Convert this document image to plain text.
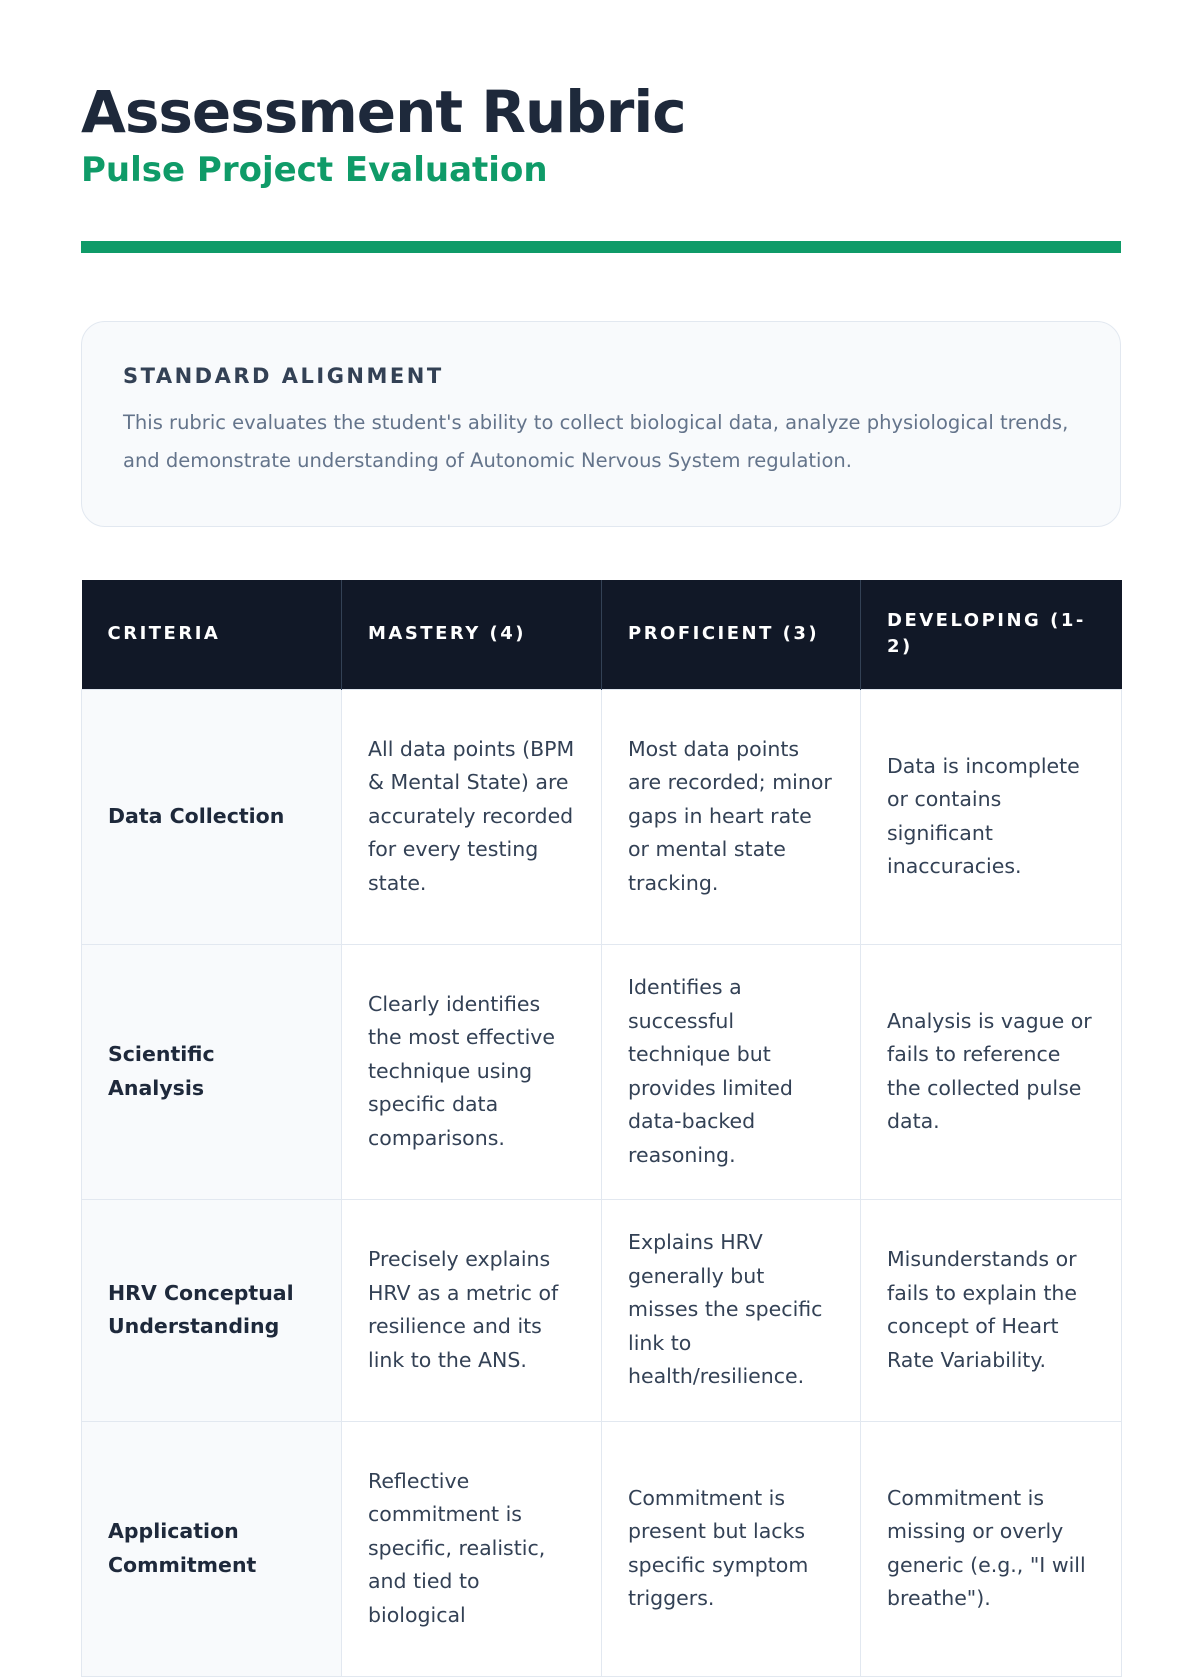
Assessment Rubric
Pulse Project Evaluation
STANDARD ALIGNMENT

This rubric evaluates the student's ability to collect biological data, analyze physiological trends, and demonstrate understanding of Autonomic Nervous System regulation.

CRITERIA	MASTERY (4)	PROFICIENT (3)	DEVELOPING (1-2)
Data Collection	All data points (BPM & Mental State) are accurately recorded for every testing state.	Most data points are recorded; minor gaps in heart rate or mental state tracking.	Data is incomplete or contains significant inaccuracies.
Scientific Analysis	Clearly identifies the most effective technique using specific data comparisons.	Identifies a successful technique but provides limited data-backed reasoning.	Analysis is vague or fails to reference the collected pulse data.
HRV Conceptual Understanding	Precisely explains HRV as a metric of resilience and its link to the ANS.	Explains HRV generally but misses the specific link to health/resilience.	Misunderstands or fails to explain the concept of Heart Rate Variability.
Application Commitment	Reflective commitment is specific, realistic, and tied to biological	Commitment is present but lacks specific symptom triggers.	Commitment is missing or overly generic (e.g., "I will breathe").
